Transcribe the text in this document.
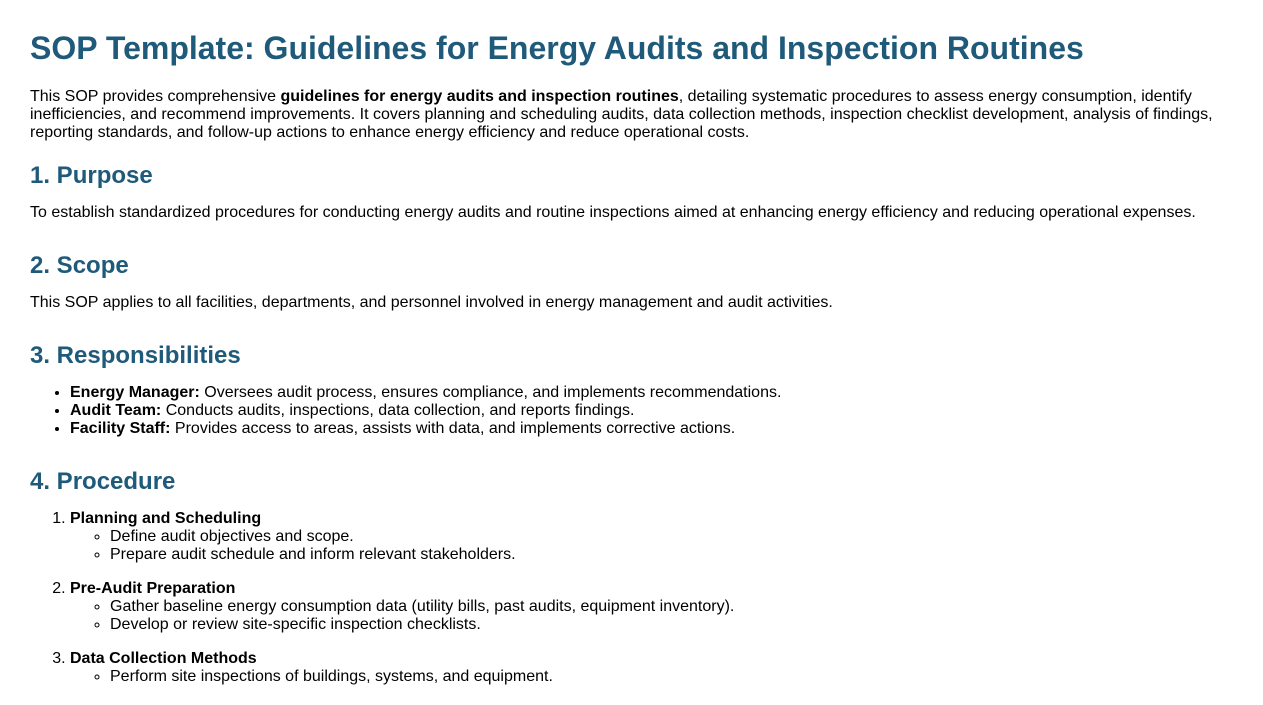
SOP Template: Guidelines for Energy Audits and Inspection Routines

This SOP provides comprehensive guidelines for energy audits and inspection routines, detailing systematic procedures to assess energy consumption, identify inefficiencies, and recommend improvements. It covers planning and scheduling audits, data collection methods, inspection checklist development, analysis of findings, reporting standards, and follow-up actions to enhance energy efficiency and reduce operational costs.

1. Purpose

To establish standardized procedures for conducting energy audits and routine inspections aimed at enhancing energy efficiency and reducing operational expenses.

2. Scope

This SOP applies to all facilities, departments, and personnel involved in energy management and audit activities.

3. Responsibilities
• Energy Manager: Oversees audit process, ensures compliance, and implements recommendations.
• Audit Team: Conducts audits, inspections, data collection, and reports findings.
• Facility Staff: Provides access to areas, assists with data, and implements corrective actions.
4. Procedure
1. Planning and Scheduling
◦ Define audit objectives and scope.
◦ Prepare audit schedule and inform relevant stakeholders.
2. Pre-Audit Preparation
◦ Gather baseline energy consumption data (utility bills, past audits, equipment inventory).
◦ Develop or review site-specific inspection checklists.
3. Data Collection Methods
◦ Perform site inspections of buildings, systems, and equipment.
